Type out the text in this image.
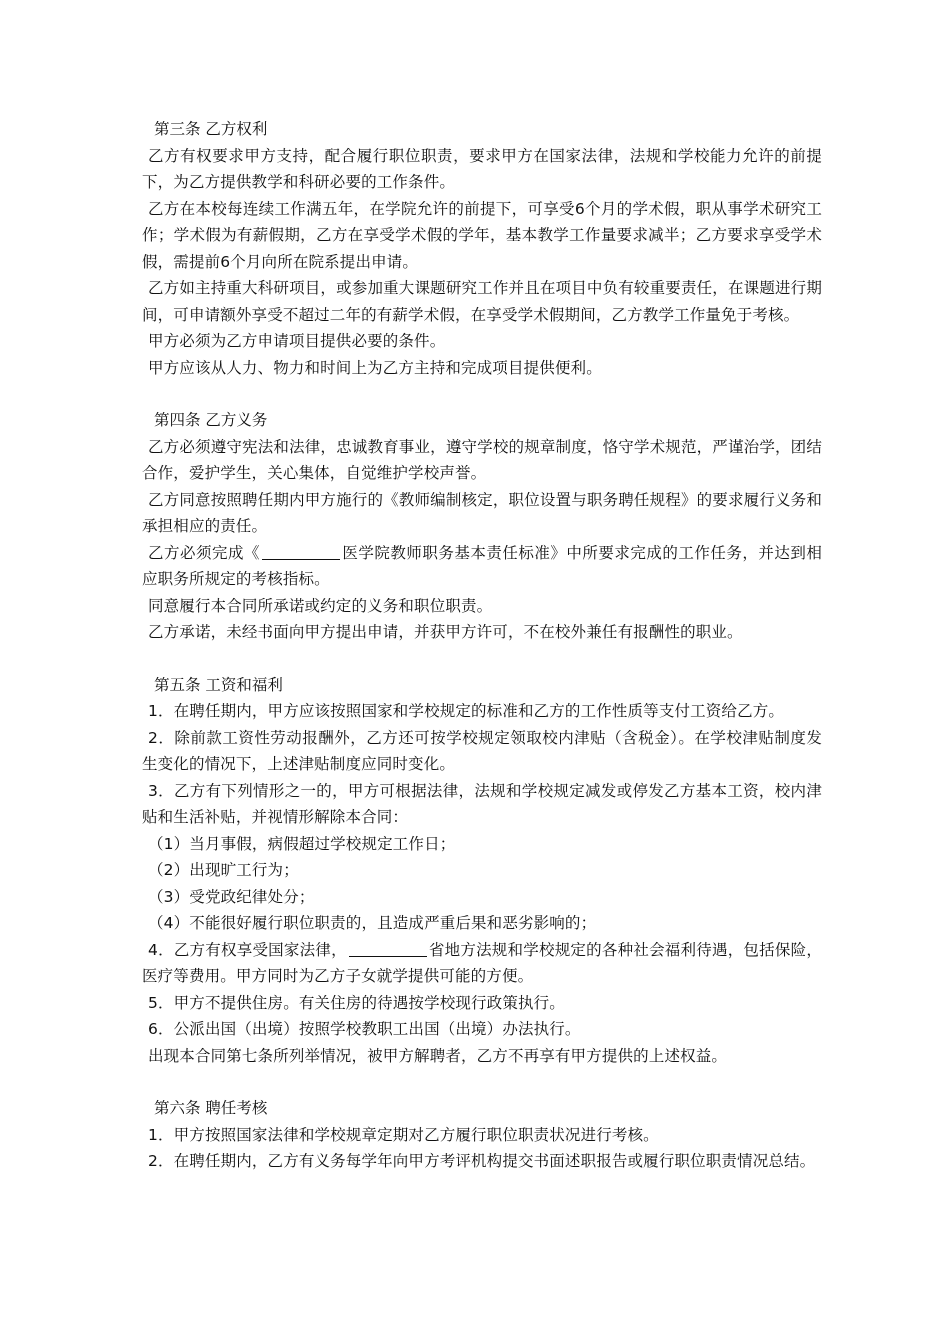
第三条 乙方权利

乙方有权要求甲方支持，配合履行职位职责，要求甲方在国家法律，法规和学校能力允许的前提下，为乙方提供教学和科研必要的工作条件。

乙方在本校每连续工作满五年，在学院允许的前提下，可享受6个月的学术假，职从事学术研究工作；学术假为有薪假期，乙方在享受学术假的学年，基本教学工作量要求减半；乙方要求享受学术假，需提前6个月向所在院系提出申请。

乙方如主持重大科研项目，或参加重大课题研究工作并且在项目中负有较重要责任，在课题进行期间，可申请额外享受不超过二年的有薪学术假，在享受学术假期间，乙方教学工作量免于考核。

甲方必须为乙方申请项目提供必要的条件。

甲方应该从人力、物力和时间上为乙方主持和完成项目提供便利。

第四条 乙方义务

乙方必须遵守宪法和法律，忠诚教育事业，遵守学校的规章制度，恪守学术规范，严谨治学，团结合作，爱护学生，关心集体，自觉维护学校声誉。

乙方同意按照聘任期内甲方施行的《教师编制核定，职位设置与职务聘任规程》的要求履行义务和承担相应的责任。

乙方必须完成《	医学院教师职务基本责任标准》中所要求完成的工作任务，并达到相应职务所规定的考核指标。

同意履行本合同所承诺或约定的义务和职位职责。

乙方承诺，未经书面向甲方提出申请，并获甲方许可，不在校外兼任有报酬性的职业。

第五条 工资和福利

1．在聘任期内，甲方应该按照国家和学校规定的标准和乙方的工作性质等支付工资给乙方。

2．除前款工资性劳动报酬外，乙方还可按学校规定领取校内津贴（含税金）。在学校津贴制度发生变化的情况下，上述津贴制度应同时变化。

3．乙方有下列情形之一的，甲方可根据法律，法规和学校规定减发或停发乙方基本工资，校内津贴和生活补贴，并视情形解除本合同：

（1）当月事假，病假超过学校规定工作日；

（2）出现旷工行为；

（3）受党政纪律处分；

（4）不能很好履行职位职责的，且造成严重后果和恶劣影响的；

4．乙方有权享受国家法律，	省地方法规和学校规定的各种社会福利待遇，包括保险，医疗等费用。甲方同时为乙方子女就学提供可能的方便。

5．甲方不提供住房。有关住房的待遇按学校现行政策执行。

6．公派出国（出境）按照学校教职工出国（出境）办法执行。

出现本合同第七条所列举情况，被甲方解聘者，乙方不再享有甲方提供的上述权益。

第六条 聘任考核

1．甲方按照国家法律和学校规章定期对乙方履行职位职责状况进行考核。

2．在聘任期内，乙方有义务每学年向甲方考评机构提交书面述职报告或履行职位职责情况总结。
